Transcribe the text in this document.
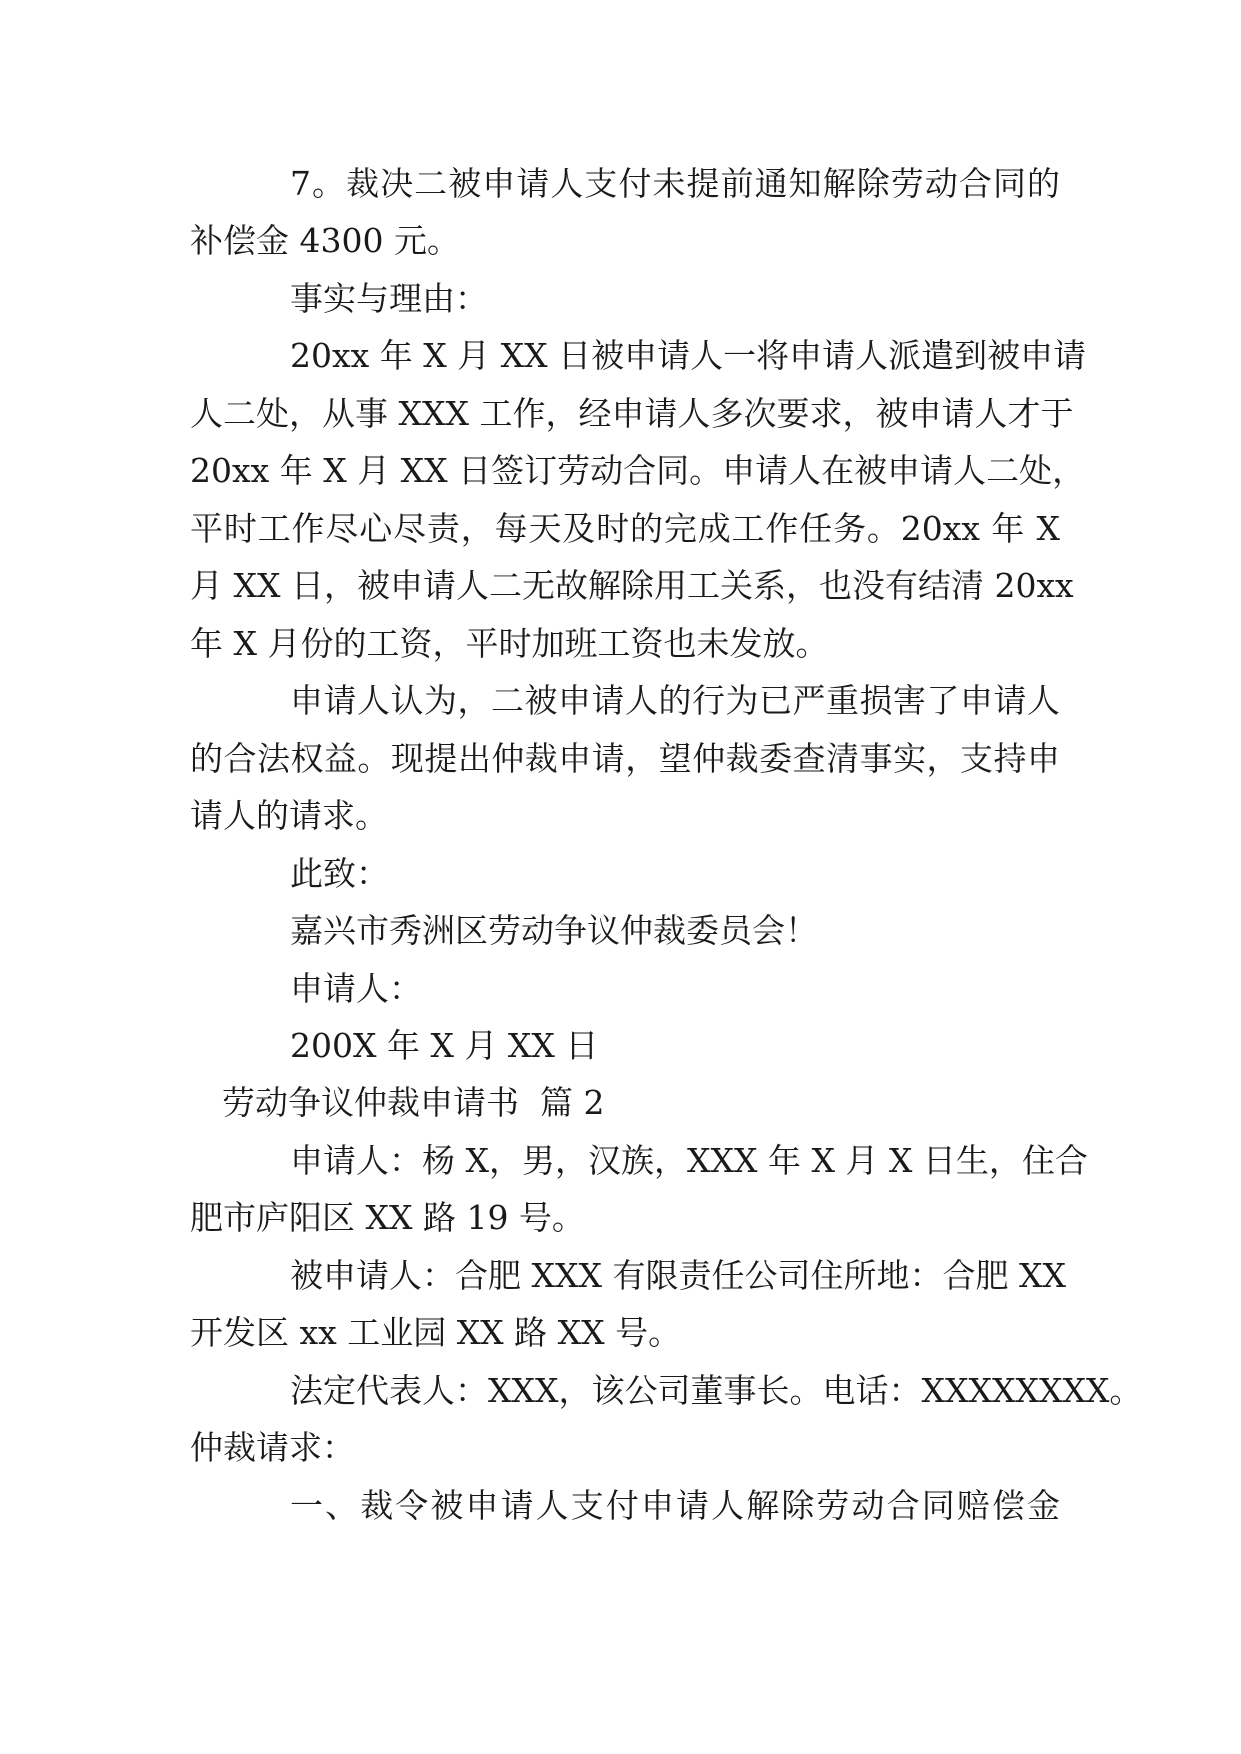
7。裁决二被申请人支付未提前通知解除劳动合同的
补偿金 4300 元。
事实与理由：
20xx 年 X 月 XX 日被申请人一将申请人派遣到被申请
人二处，从事 XXX 工作，经申请人多次要求，被申请人才于
20xx 年 X 月 XX 日签订劳动合同。申请人在被申请人二处，
平时工作尽心尽责，每天及时的完成工作任务。20xx 年 X
月 XX 日，被申请人二无故解除用工关系，也没有结清 20xx
年 X 月份的工资，平时加班工资也未发放。
申请人认为，二被申请人的行为已严重损害了申请人
的合法权益。现提出仲裁申请，望仲裁委查清事实，支持申
请人的请求。
此致：
嘉兴市秀洲区劳动争议仲裁委员会！
申请人：
200X 年 X 月 XX 日
劳动争议仲裁申请书  篇 2
申请人：杨 X，男，汉族，XXX 年 X 月 X 日生，住合
肥市庐阳区 XX 路 19 号。
被申请人：合肥 XXX 有限责任公司住所地：合肥 XX
开发区 xx 工业园 XX 路 XX 号。
法定代表人：XXX，该公司董事长。电话：XXXXXXXX。
仲裁请求：
一、裁令被申请人支付申请人解除劳动合同赔偿金
